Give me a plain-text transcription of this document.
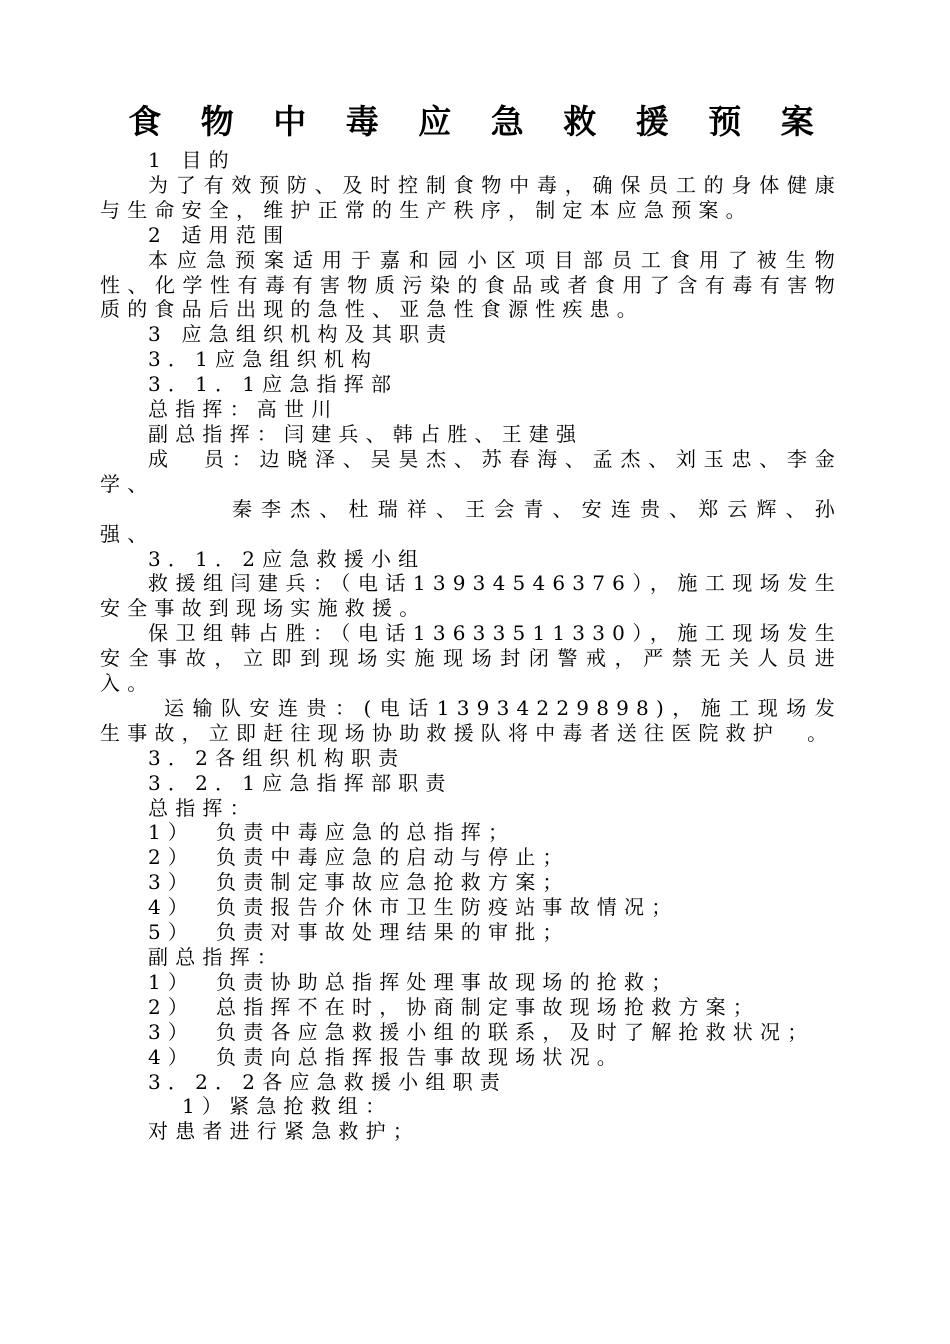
食 物 中 毒 应 急 救 援 预 案

1 目的

为了有效预防、及时控制食物中毒，确保员工的身体健康与生命安全，维护正常的生产秩序，制定本应急预案。

2 适用范围

本应急预案适用于嘉和园小区项目部员工食用了被生物性、化学性有毒有害物质污染的食品或者食用了含有毒有害物质的食品后出现的急性、亚急性食源性疾患。

3 应急组织机构及其职责

3．1应急组织机构

3．1．1应急指挥部

总指挥：高世川

副总指挥：闫建兵、韩占胜、王建强

成  员：边晓泽、吴昊杰、苏春海、孟杰、刘玉忠、李金学、

秦李杰、杜瑞祥、王会青、安连贵、郑云辉、孙强、

3．1．2应急救援小组

救援组闫建兵：（电话13934546376），施工现场发生安全事故到现场实施救援。

保卫组韩占胜：（电话13633511330），施工现场发生安全事故，立即到现场实施现场封闭警戒，严禁无关人员进入。

运输队安连贵：(电话13934229898)，施工现场发生事故，立即赶往现场协助救援队将中毒者送往医院救护  。

3．2各组织机构职责

3．2．1应急指挥部职责

总指挥：

1） 负责中毒应急的总指挥；

2） 负责中毒应急的启动与停止；

3） 负责制定事故应急抢救方案；

4） 负责报告介休市卫生防疫站事故情况；

5） 负责对事故处理结果的审批；

副总指挥：

1） 负责协助总指挥处理事故现场的抢救；

2） 总指挥不在时，协商制定事故现场抢救方案；

3） 负责各应急救援小组的联系，及时了解抢救状况；

4） 负责向总指挥报告事故现场状况。

3．2．2各应急救援小组职责

1）紧急抢救组：

对患者进行紧急救护；
